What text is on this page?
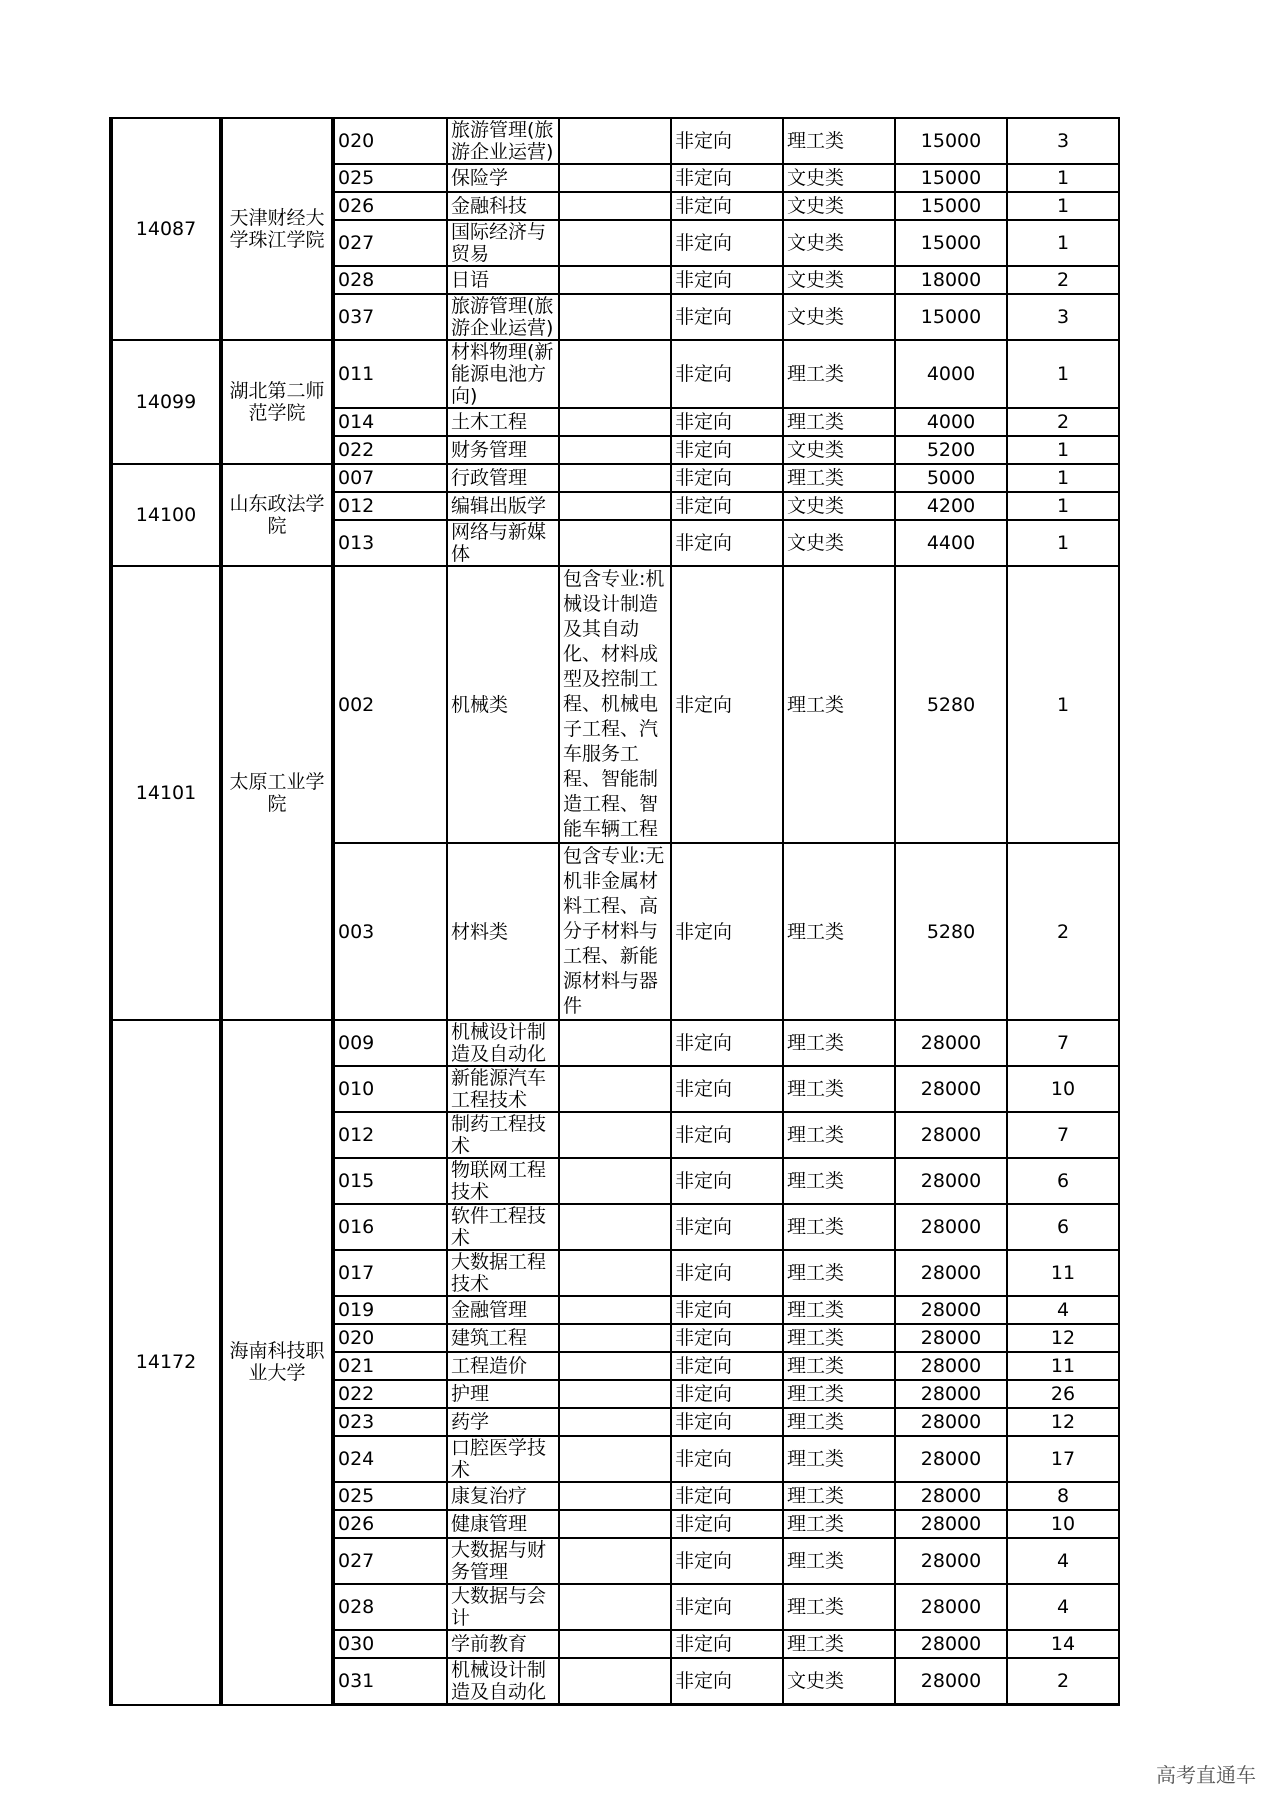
14087	天津财经大学珠江学院	020	旅游管理(旅游企业运营)		非定向	理工类	15000	3
		025	保险学		非定向	文史类	15000	1
		026	金融科技		非定向	文史类	15000	1
		027	国际经济与贸易		非定向	文史类	15000	1
		028	日语		非定向	文史类	18000	2
		037	旅游管理(旅游企业运营)		非定向	文史类	15000	3
14099	湖北第二师范学院	011	材料物理(新能源电池方向)		非定向	理工类	4000	1
		014	土木工程		非定向	理工类	4000	2
		022	财务管理		非定向	文史类	5200	1
14100	山东政法学院	007	行政管理		非定向	理工类	5000	1
		012	编辑出版学		非定向	文史类	4200	1
		013	网络与新媒体		非定向	文史类	4400	1
14101	太原工业学院	002	机械类	包含专业:机械设计制造及其自动化、材料成型及控制工程、机械电子工程、汽车服务工程、智能制造工程、智能车辆工程	非定向	理工类	5280	1
		003	材料类	包含专业:无机非金属材料工程、高分子材料与工程、新能源材料与器件	非定向	理工类	5280	2
14172	海南科技职业大学	009	机械设计制造及自动化		非定向	理工类	28000	7
		010	新能源汽车工程技术		非定向	理工类	28000	10
		012	制药工程技术		非定向	理工类	28000	7
		015	物联网工程技术		非定向	理工类	28000	6
		016	软件工程技术		非定向	理工类	28000	6
		017	大数据工程技术		非定向	理工类	28000	11
		019	金融管理		非定向	理工类	28000	4
		020	建筑工程		非定向	理工类	28000	12
		021	工程造价		非定向	理工类	28000	11
		022	护理		非定向	理工类	28000	26
		023	药学		非定向	理工类	28000	12
		024	口腔医学技术		非定向	理工类	28000	17
		025	康复治疗		非定向	理工类	28000	8
		026	健康管理		非定向	理工类	28000	10
		027	大数据与财务管理		非定向	理工类	28000	4
		028	大数据与会计		非定向	理工类	28000	4
		030	学前教育		非定向	理工类	28000	14
		031	机械设计制造及自动化		非定向	文史类	28000	2
高考直通车
